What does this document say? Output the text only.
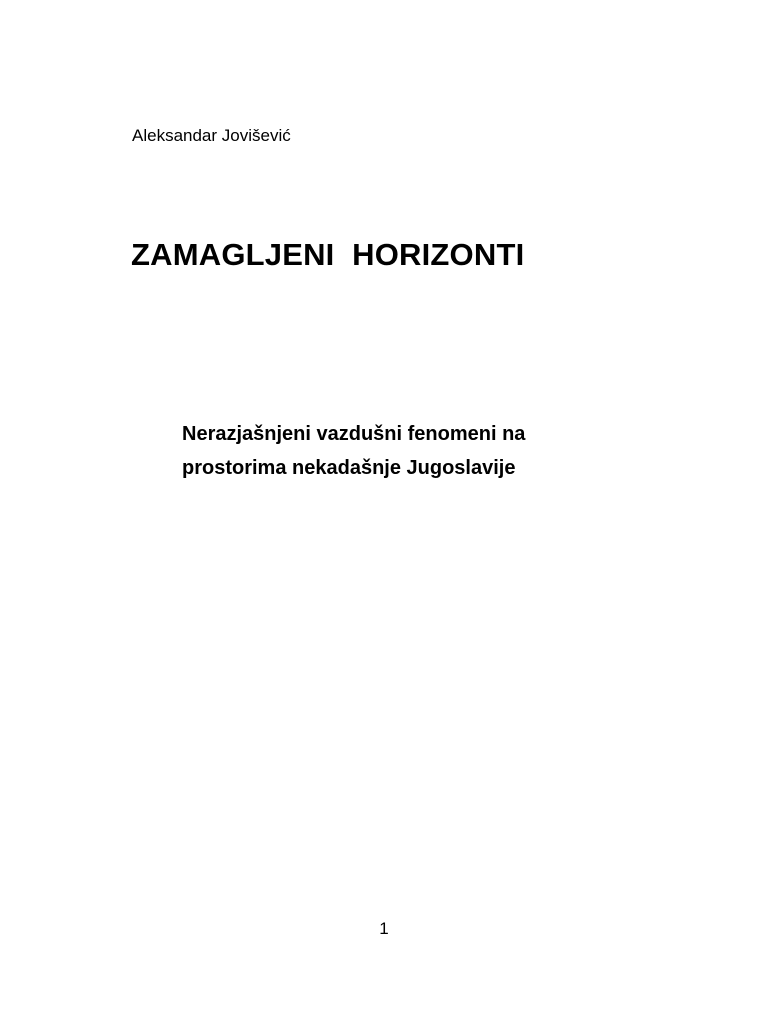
Aleksandar Jovišević
ZAMAGLJENI  HORIZONTI

Nerazjašnjeni vazdušni fenomeni na
prostorima nekadašnje Jugoslavije

1
